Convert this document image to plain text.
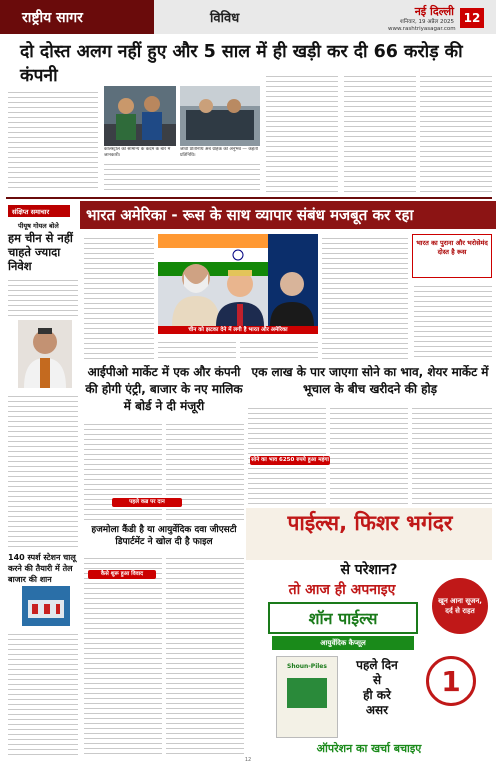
राष्ट्रीय सागर	विविध	नई दिल्ली
शनिवार, 19 अप्रैल 2025
www.rashtriyasagar.com
12
दो दोस्त अलग नहीं हुए और 5 साल में ही खड़ी कर दी 66 करोड़ की कंपनी
कोलेस्ट्रोल को सामान्य के कदम के बारे में जानकारी।
जीवी प्रतिनिधि अब ग्राहक को अनुभव — कहती प्रतिनिधि।
संक्षिप्त समाचार
पीयूष गोयल बोले
हम चीन से नहीं चाहते ज्यादा निवेश
140 स्पर्श स्टेशन चालू करने की तैयारी में तेल बाजार की शान
भारत अमेरिका - रूस के साथ व्यापार संबंध मजबूत कर रहा
चीन को झटका देने में लगी है भारत और अमेरिका
भारत का पुराना और भरोसेमंद दोस्त है रूस
आईपीओ मार्केट में एक और कंपनी की होगी एंट्री, बाजार के नए मालिक में बोर्ड ने दी मंजूरी
पहले कब्र पर दान
एक लाख के पार जाएगा सोने का भाव, शेयर मार्केट में भूचाल के बीच खरीदने की होड़
सोने का भाव 6250 रुपये हुआ महंगा
हजमोला कैंडी है या आयुर्वेदिक दवा जीएसटी डिपार्टमेंट ने खोल दी है फाइल
कैसे शुरू हुआ विवाद
पाईल्स, फिशर भगंदर
से परेशान?
तो आज ही अपनाइए
शॉन पाईल्स
आयुर्वेदिक कैप्सूल
खून आना सूजन, दर्द से राहत
Shoun-Piles	पहले दिन
से
ही करे
असर
1
ऑपरेशन का खर्चा बचाइए
12
